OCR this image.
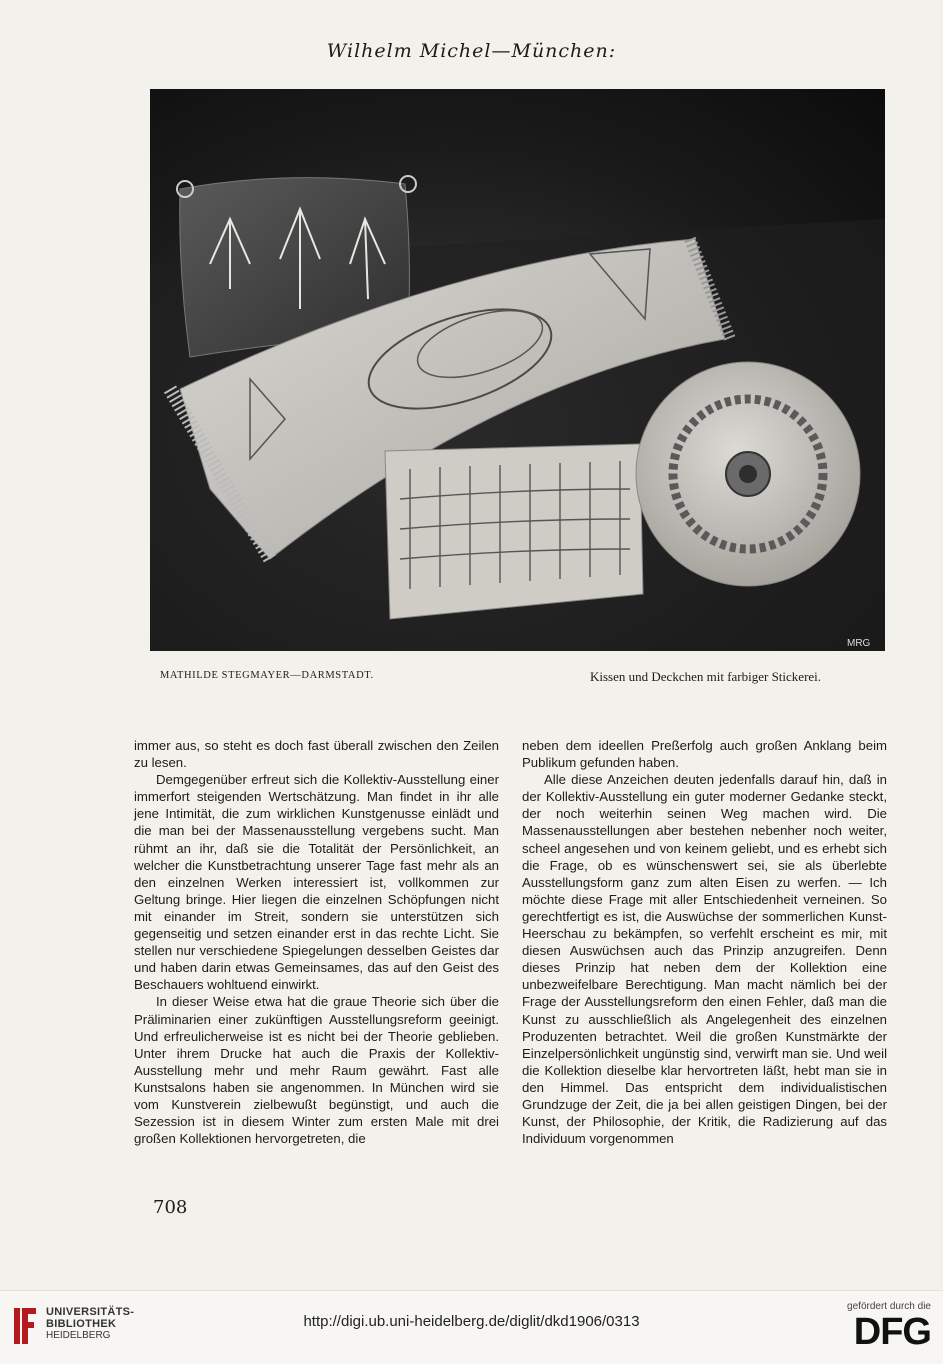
Wilhelm Michel—München:
MRG
MATHILDE STEGMAYER—DARMSTADT.	Kissen und Deckchen mit farbiger Stickerei.

immer aus, so steht es doch fast überall zwischen den Zeilen zu lesen.

Demgegenüber erfreut sich die Kollektiv-Ausstellung einer immerfort steigenden Wertschätzung. Man findet in ihr alle jene Intimität, die zum wirklichen Kunstgenusse einlädt und die man bei der Massenausstellung vergebens sucht. Man rühmt an ihr, daß sie die Totalität der Persönlichkeit, an welcher die Kunstbetrachtung unserer Tage fast mehr als an den einzelnen Werken interessiert ist, vollkommen zur Geltung bringe. Hier liegen die einzelnen Schöpfungen nicht mit einander im Streit, sondern sie unterstützen sich gegenseitig und setzen einander erst in das rechte Licht. Sie stellen nur verschiedene Spiegelungen desselben Geistes dar und haben darin etwas Gemeinsames, das auf den Geist des Beschauers wohltuend einwirkt.

In dieser Weise etwa hat die graue Theorie sich über die Präliminarien einer zukünftigen Ausstellungsreform geeinigt. Und erfreulicherweise ist es nicht bei der Theorie geblieben. Unter ihrem Drucke hat auch die Praxis der Kollektiv-Ausstellung mehr und mehr Raum gewährt. Fast alle Kunstsalons haben sie angenommen. In München wird sie vom Kunstverein zielbewußt begünstigt, und auch die Sezession ist in diesem Winter zum ersten Male mit drei großen Kollektionen hervorgetreten, die

neben dem ideellen Preßerfolg auch großen Anklang beim Publikum gefunden haben.

Alle diese Anzeichen deuten jedenfalls darauf hin, daß in der Kollektiv-Ausstellung ein guter moderner Gedanke steckt, der noch weiterhin seinen Weg machen wird. Die Massenausstellungen aber bestehen nebenher noch weiter, scheel angesehen und von keinem geliebt, und es erhebt sich die Frage, ob es wünschenswert sei, sie als überlebte Ausstellungsform ganz zum alten Eisen zu werfen. — Ich möchte diese Frage mit aller Entschiedenheit verneinen. So gerechtfertigt es ist, die Auswüchse der sommerlichen Kunst-Heerschau zu bekämpfen, so verfehlt erscheint es mir, mit diesen Auswüchsen auch das Prinzip anzugreifen. Denn dieses Prinzip hat neben dem der Kollektion eine unbezweifelbare Berechtigung. Man macht nämlich bei der Frage der Ausstellungsreform den einen Fehler, daß man die Kunst zu ausschließlich als Angelegenheit des einzelnen Produzenten betrachtet. Weil die großen Kunstmärkte der Einzelpersönlichkeit ungünstig sind, verwirft man sie. Und weil die Kollektion dieselbe klar hervortreten läßt, hebt man sie in den Himmel. Das entspricht dem individualistischen Grundzuge der Zeit, die ja bei allen geistigen Dingen, bei der Kunst, der Philosophie, der Kritik, die Radizierung auf das Individuum vorgenommen

708
UNIVERSITÄTS-
BIBLIOTHEK
HEIDELBERG
http://digi.ub.uni-heidelberg.de/diglit/dkd1906/0313
gefördert durch die
DFG
